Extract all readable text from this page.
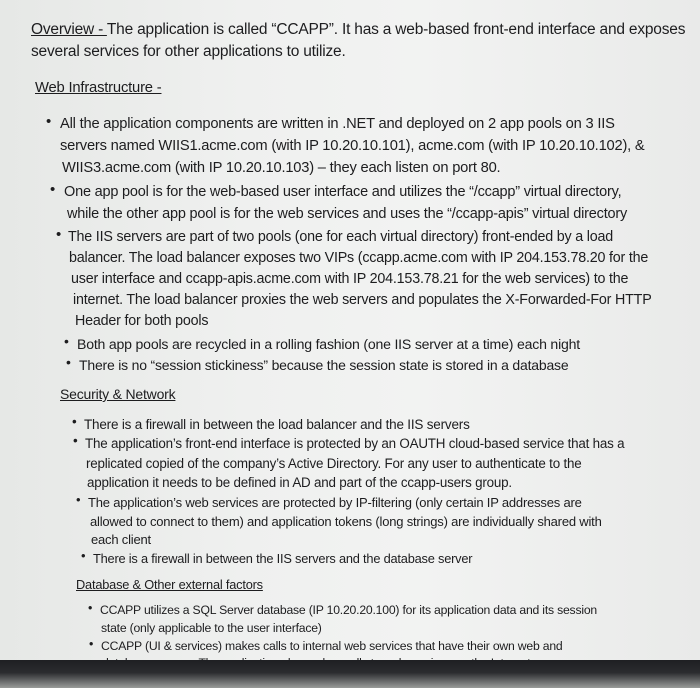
Overview - The application is called “CCAPP”. It has a web-based front-end interface and exposes
several services for other applications to utilize.
Web Infrastructure -
• All the application components are written in .NET and deployed on 2 app pools on 3 IIS
servers named WIIS1.acme.com (with IP 10.20.10.101), acme.com (with IP 10.20.10.102), &
WIIS3.acme.com (with IP 10.20.10.103) – they each listen on port 80.
• One app pool is for the web-based user interface and utilizes the “/ccapp” virtual directory,
while the other app pool is for the web services and uses the “/ccapp-apis” virtual directory
• The IIS servers are part of two pools (one for each virtual directory) front-ended by a load
balancer. The load balancer exposes two VIPs (ccapp.acme.com with IP 204.153.78.20 for the
user interface and ccapp-apis.acme.com with IP 204.153.78.21 for the web services) to the
internet. The load balancer proxies the web servers and populates the X-Forwarded-For HTTP
Header for both pools
• Both app pools are recycled in a rolling fashion (one IIS server at a time) each night
• There is no “session stickiness” because the session state is stored in a database
Security & Network
• There is a firewall in between the load balancer and the IIS servers
• The application’s front-end interface is protected by an OAUTH cloud-based service that has a
replicated copied of the company’s Active Directory. For any user to authenticate to the
application it needs to be defined in AD and part of the ccapp-users group.
• The application’s web services are protected by IP-filtering (only certain IP addresses are
allowed to connect to them) and application tokens (long strings) are individually shared with
each client
• There is a firewall in between the IIS servers and the database server
Database & Other external factors
• CCAPP utilizes a SQL Server database (IP 10.20.20.100) for its application data and its session
state (only applicable to the user interface)
• CCAPP (UI & services) makes calls to internal web services that have their own web and
